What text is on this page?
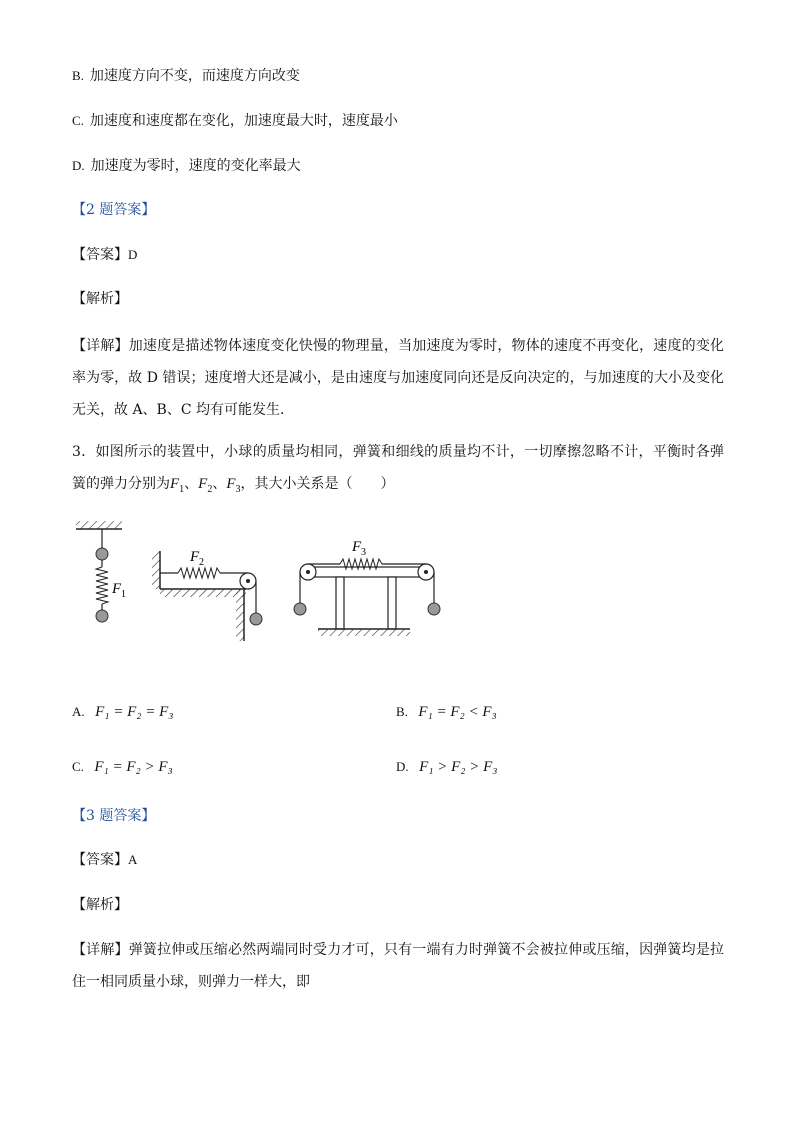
B. 加速度方向不变，而速度方向改变
C. 加速度和速度都在变化，加速度最大时，速度最小
D. 加速度为零时，速度的变化率最大
【2 题答案】
【答案】D
【解析】
【详解】加速度是描述物体速度变化快慢的物理量，当加速度为零时，物体的速度不再变化，速度的变化率为零，故 D 错误；速度增大还是减小，是由速度与加速度同向还是反向决定的，与加速度的大小及变化无关，故 A、B、C 均有可能发生．
3．如图所示的装置中，小球的质量均相同，弹簧和细线的质量均不计，一切摩擦忽略不计，平衡时各弹簧的弹力分别为$F_1$、$F_2$、$F_3$，其大小关系是（　　）
F 1
F 2
F 3
A. F₁ = F₂ = F₃	B. F₁ = F₂ < F₃
C. F₁ = F₂ > F₃	D. F₁ > F₂ > F₃
【3 题答案】
【答案】A
【解析】
【详解】弹簧拉伸或压缩必然两端同时受力才可，只有一端有力时弹簧不会被拉伸或压缩，因弹簧均是拉住一相同质量小球，则弹力一样大，即
